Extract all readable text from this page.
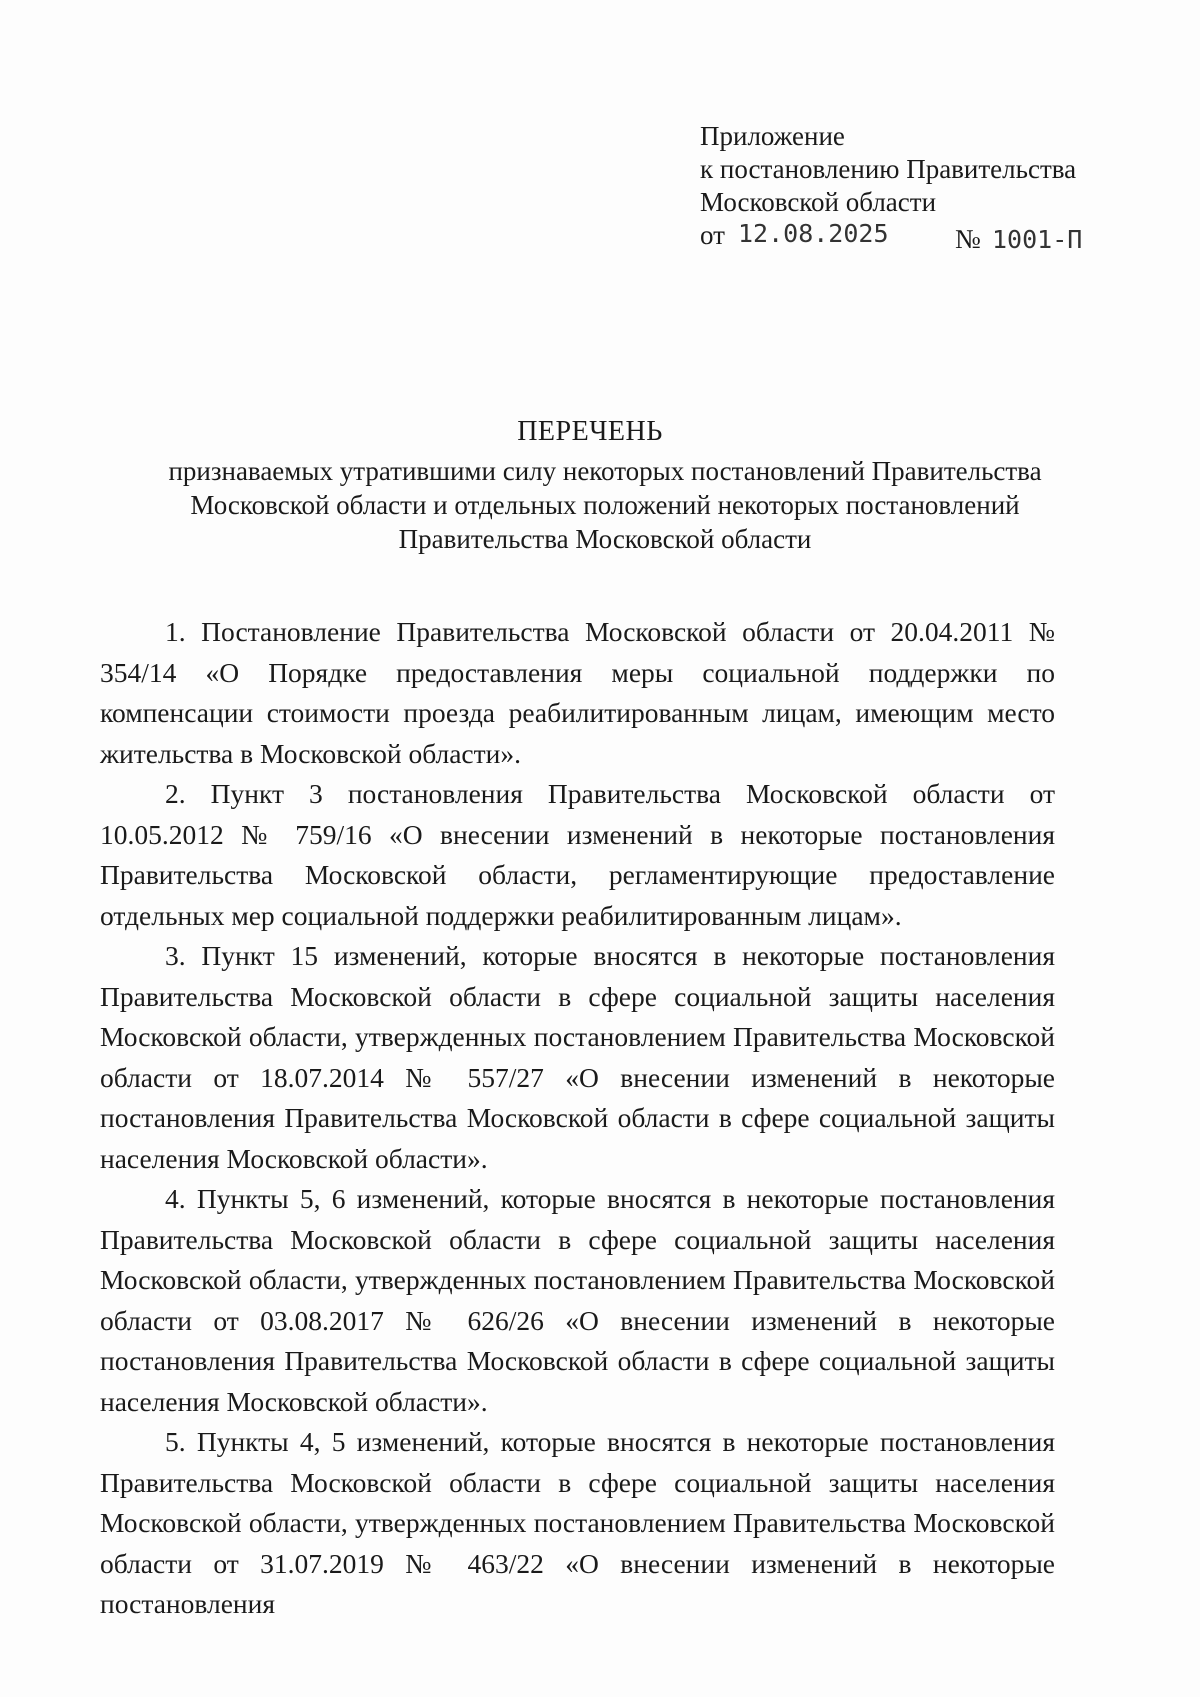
Приложение
к постановлению Правительства
Московской области
от 12.08.2025 № 1001-П
ПЕРЕЧЕНЬ
признаваемых утратившими силу некоторых постановлений Правительства
Московской области и отдельных положений некоторых постановлений
Правительства Московской области

1. Постановление Правительства Московской области от 20.04.2011 № 354/14 «О Порядке предоставления меры социальной поддержки по компенсации стоимости проезда реабилитированным лицам, имеющим место жительства в Московской области».

2. Пункт 3 постановления Правительства Московской области от 10.05.2012 № 759/16 «О внесении изменений в некоторые постановления Правительства Московской области, регламентирующие предоставление отдельных мер социальной поддержки реабилитированным лицам».

3. Пункт 15 изменений, которые вносятся в некоторые постановления Правительства Московской области в сфере социальной защиты населения Московской области, утвержденных постановлением Правительства Московской области от 18.07.2014 № 557/27 «О внесении изменений в некоторые постановления Правительства Московской области в сфере социальной защиты населения Московской области».

4. Пункты 5, 6 изменений, которые вносятся в некоторые постановления Правительства Московской области в сфере социальной защиты населения Московской области, утвержденных постановлением Правительства Московской области от 03.08.2017 № 626/26 «О внесении изменений в некоторые постановления Правительства Московской области в сфере социальной защиты населения Московской области».

5. Пункты 4, 5 изменений, которые вносятся в некоторые постановления Правительства Московской области в сфере социальной защиты населения Московской области, утвержденных постановлением Правительства Московской области от 31.07.2019 № 463/22 «О внесении изменений в некоторые постановления
